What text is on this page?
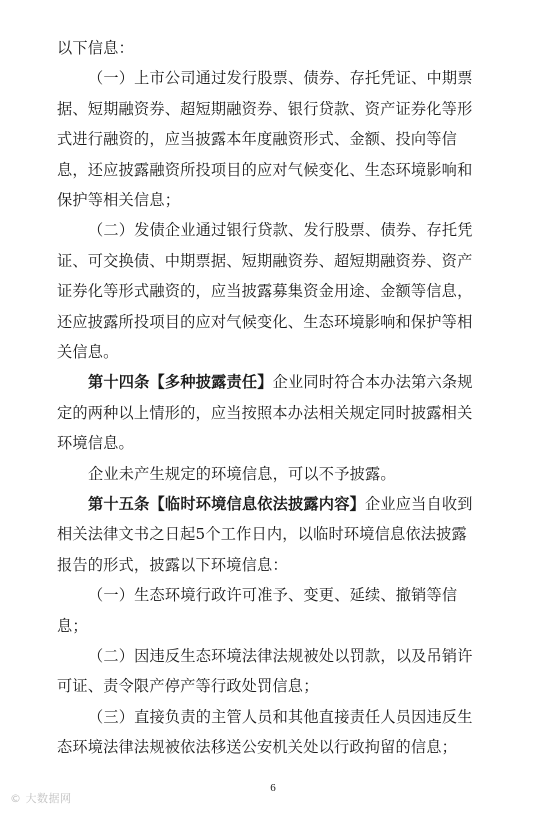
以下信息：
（一）上市公司通过发行股票、债券、存托凭证、中期票
据、短期融资券、超短期融资券、银行贷款、资产证券化等形
式进行融资的，应当披露本年度融资形式、金额、投向等信
息，还应披露融资所投项目的应对气候变化、生态环境影响和
保护等相关信息；
（二）发债企业通过银行贷款、发行股票、债券、存托凭
证、可交换债、中期票据、短期融资券、超短期融资券、资产
证券化等形式融资的，应当披露募集资金用途、金额等信息，
还应披露所投项目的应对气候变化、生态环境影响和保护等相
关信息。
第十四条【多种披露责任】企业同时符合本办法第六条规
定的两种以上情形的，应当按照本办法相关规定同时披露相关
环境信息。
企业未产生规定的环境信息，可以不予披露。
第十五条【临时环境信息依法披露内容】企业应当自收到
相关法律文书之日起5个工作日内，以临时环境信息依法披露
报告的形式，披露以下环境信息：
（一）生态环境行政许可准予、变更、延续、撤销等信
息；
（二）因违反生态环境法律法规被处以罚款，以及吊销许
可证、责令限产停产等行政处罚信息；
（三）直接负责的主管人员和其他直接责任人员因违反生
态环境法律法规被依法移送公安机关处以行政拘留的信息；
6
© 大数据网
